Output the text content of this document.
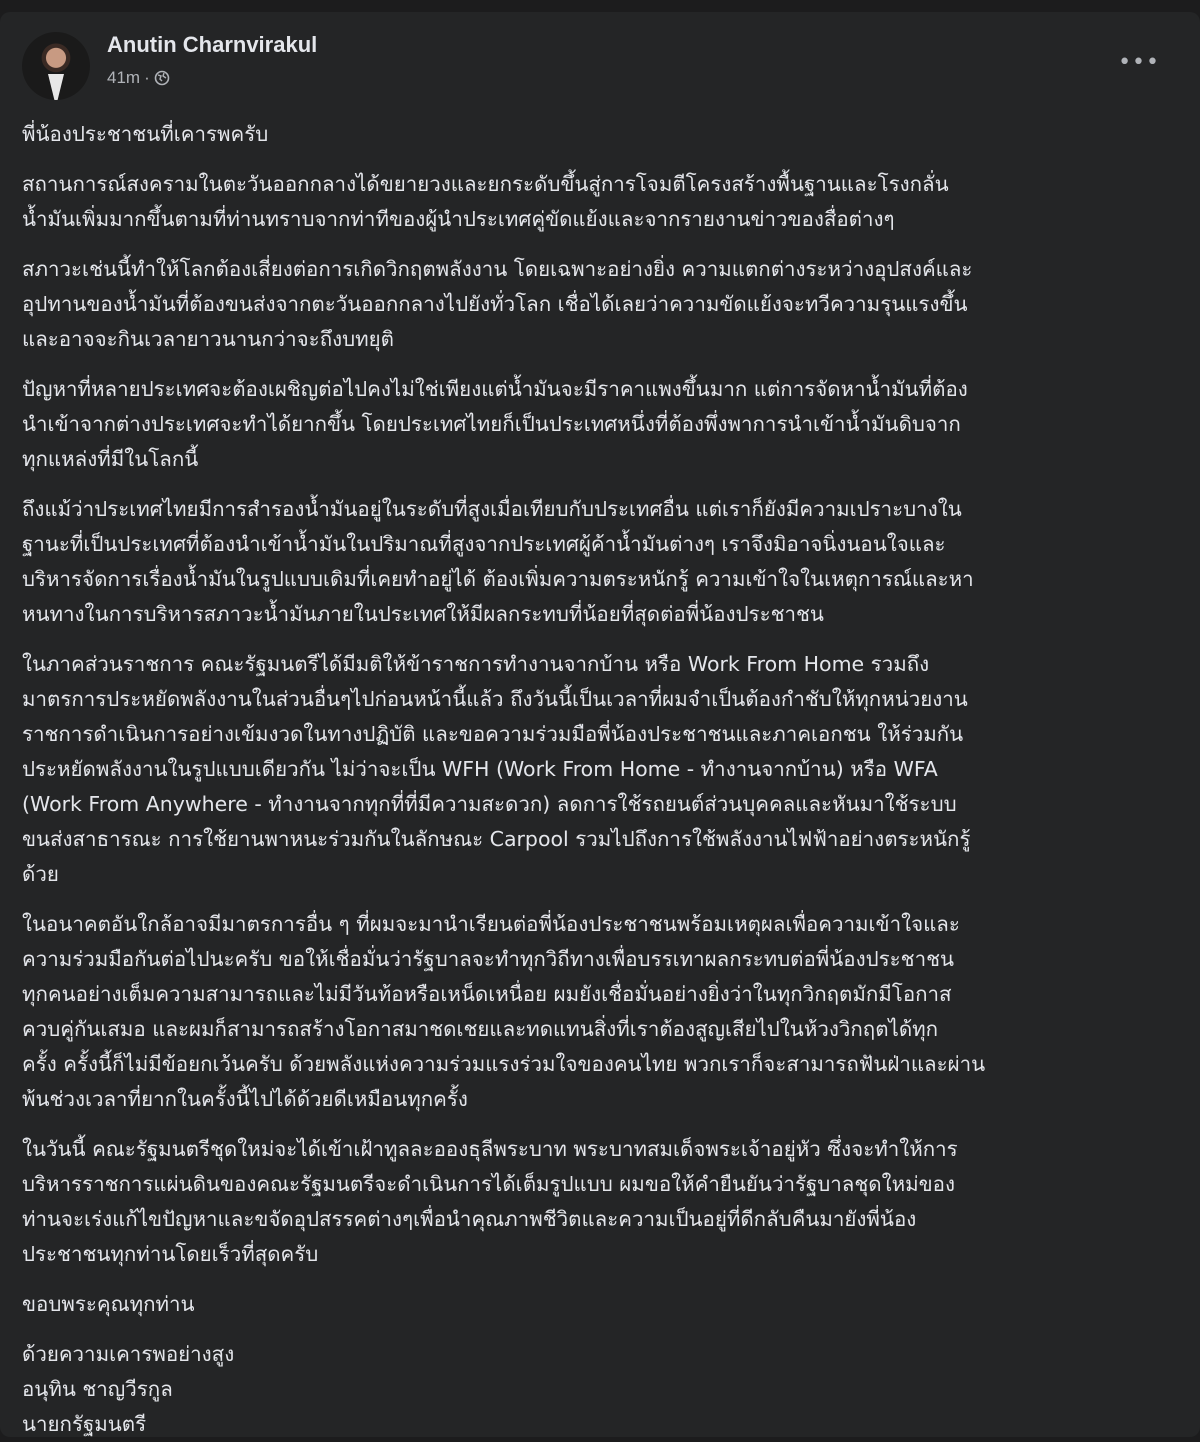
Anutin Charnvirakul
41m ·
•••
พี่น้องประชาชนที่เคารพครับ
สถานการณ์สงครามในตะวันออกกลางได้ขยายวงและยกระดับขึ้นสู่การโจมตีโครงสร้างพื้นฐานและโรงกลั่น
น้ำมันเพิ่มมากขึ้นตามที่ท่านทราบจากท่าทีของผู้นำประเทศคู่ขัดแย้งและจากรายงานข่าวของสื่อต่างๆ
สภาวะเช่นนี้ทำให้โลกต้องเสี่ยงต่อการเกิดวิกฤตพลังงาน โดยเฉพาะอย่างยิ่ง ความแตกต่างระหว่างอุปสงค์และ
อุปทานของน้ำมันที่ต้องขนส่งจากตะวันออกกลางไปยังทั่วโลก เชื่อได้เลยว่าความขัดแย้งจะทวีความรุนแรงขึ้น
และอาจจะกินเวลายาวนานกว่าจะถึงบทยุติ
ปัญหาที่หลายประเทศจะต้องเผชิญต่อไปคงไม่ใช่เพียงแต่น้ำมันจะมีราคาแพงขึ้นมาก แต่การจัดหาน้ำมันที่ต้อง
นำเข้าจากต่างประเทศจะทำได้ยากขึ้น โดยประเทศไทยก็เป็นประเทศหนึ่งที่ต้องพึ่งพาการนำเข้าน้ำมันดิบจาก
ทุกแหล่งที่มีในโลกนี้
ถึงแม้ว่าประเทศไทยมีการสำรองน้ำมันอยู่ในระดับที่สูงเมื่อเทียบกับประเทศอื่น แต่เราก็ยังมีความเปราะบางใน
ฐานะที่เป็นประเทศที่ต้องนำเข้าน้ำมันในปริมาณที่สูงจากประเทศผู้ค้าน้ำมันต่างๆ เราจึงมิอาจนิ่งนอนใจและ
บริหารจัดการเรื่องน้ำมันในรูปแบบเดิมที่เคยทำอยู่ได้ ต้องเพิ่มความตระหนักรู้ ความเข้าใจในเหตุการณ์และหา
หนทางในการบริหารสภาวะน้ำมันภายในประเทศให้มีผลกระทบที่น้อยที่สุดต่อพี่น้องประชาชน
ในภาคส่วนราชการ คณะรัฐมนตรีได้มีมติให้ข้าราชการทำงานจากบ้าน หรือ Work From Home รวมถึง
มาตรการประหยัดพลังงานในส่วนอื่นๆไปก่อนหน้านี้แล้ว ถึงวันนี้เป็นเวลาที่ผมจำเป็นต้องกำชับให้ทุกหน่วยงาน
ราชการดำเนินการอย่างเข้มงวดในทางปฏิบัติ และขอความร่วมมือพี่น้องประชาชนและภาคเอกชน ให้ร่วมกัน
ประหยัดพลังงานในรูปแบบเดียวกัน ไม่ว่าจะเป็น WFH (Work From Home - ทำงานจากบ้าน) หรือ WFA
(Work From Anywhere - ทำงานจากทุกที่ที่มีความสะดวก) ลดการใช้รถยนต์ส่วนบุคคลและหันมาใช้ระบบ
ขนส่งสาธารณะ การใช้ยานพาหนะร่วมกันในลักษณะ Carpool รวมไปถึงการใช้พลังงานไฟฟ้าอย่างตระหนักรู้
ด้วย
ในอนาคตอันใกล้อาจมีมาตรการอื่น ๆ ที่ผมจะมานำเรียนต่อพี่น้องประชาชนพร้อมเหตุผลเพื่อความเข้าใจและ
ความร่วมมือกันต่อไปนะครับ ขอให้เชื่อมั่นว่ารัฐบาลจะทำทุกวิถีทางเพื่อบรรเทาผลกระทบต่อพี่น้องประชาชน
ทุกคนอย่างเต็มความสามารถและไม่มีวันท้อหรือเหน็ดเหนื่อย ผมยังเชื่อมั่นอย่างยิ่งว่าในทุกวิกฤตมักมีโอกาส
ควบคู่กันเสมอ และผมก็สามารถสร้างโอกาสมาชดเชยและทดแทนสิ่งที่เราต้องสูญเสียไปในห้วงวิกฤตได้ทุก
ครั้ง ครั้งนี้ก็ไม่มีข้อยกเว้นครับ ด้วยพลังแห่งความร่วมแรงร่วมใจของคนไทย พวกเราก็จะสามารถฟันฝ่าและผ่าน
พ้นช่วงเวลาที่ยากในครั้งนี้ไปได้ด้วยดีเหมือนทุกครั้ง
ในวันนี้ คณะรัฐมนตรีชุดใหม่จะได้เข้าเฝ้าทูลละอองธุลีพระบาท พระบาทสมเด็จพระเจ้าอยู่หัว ซึ่งจะทำให้การ
บริหารราชการแผ่นดินของคณะรัฐมนตรีจะดำเนินการได้เต็มรูปแบบ ผมขอให้คำยืนยันว่ารัฐบาลชุดใหม่ของ
ท่านจะเร่งแก้ไขปัญหาและขจัดอุปสรรคต่างๆเพื่อนำคุณภาพชีวิตและความเป็นอยู่ที่ดีกลับคืนมายังพี่น้อง
ประชาชนทุกท่านโดยเร็วที่สุดครับ
ขอบพระคุณทุกท่าน
ด้วยความเคารพอย่างสูง
อนุทิน ชาญวีรกูล
นายกรัฐมนตรี
